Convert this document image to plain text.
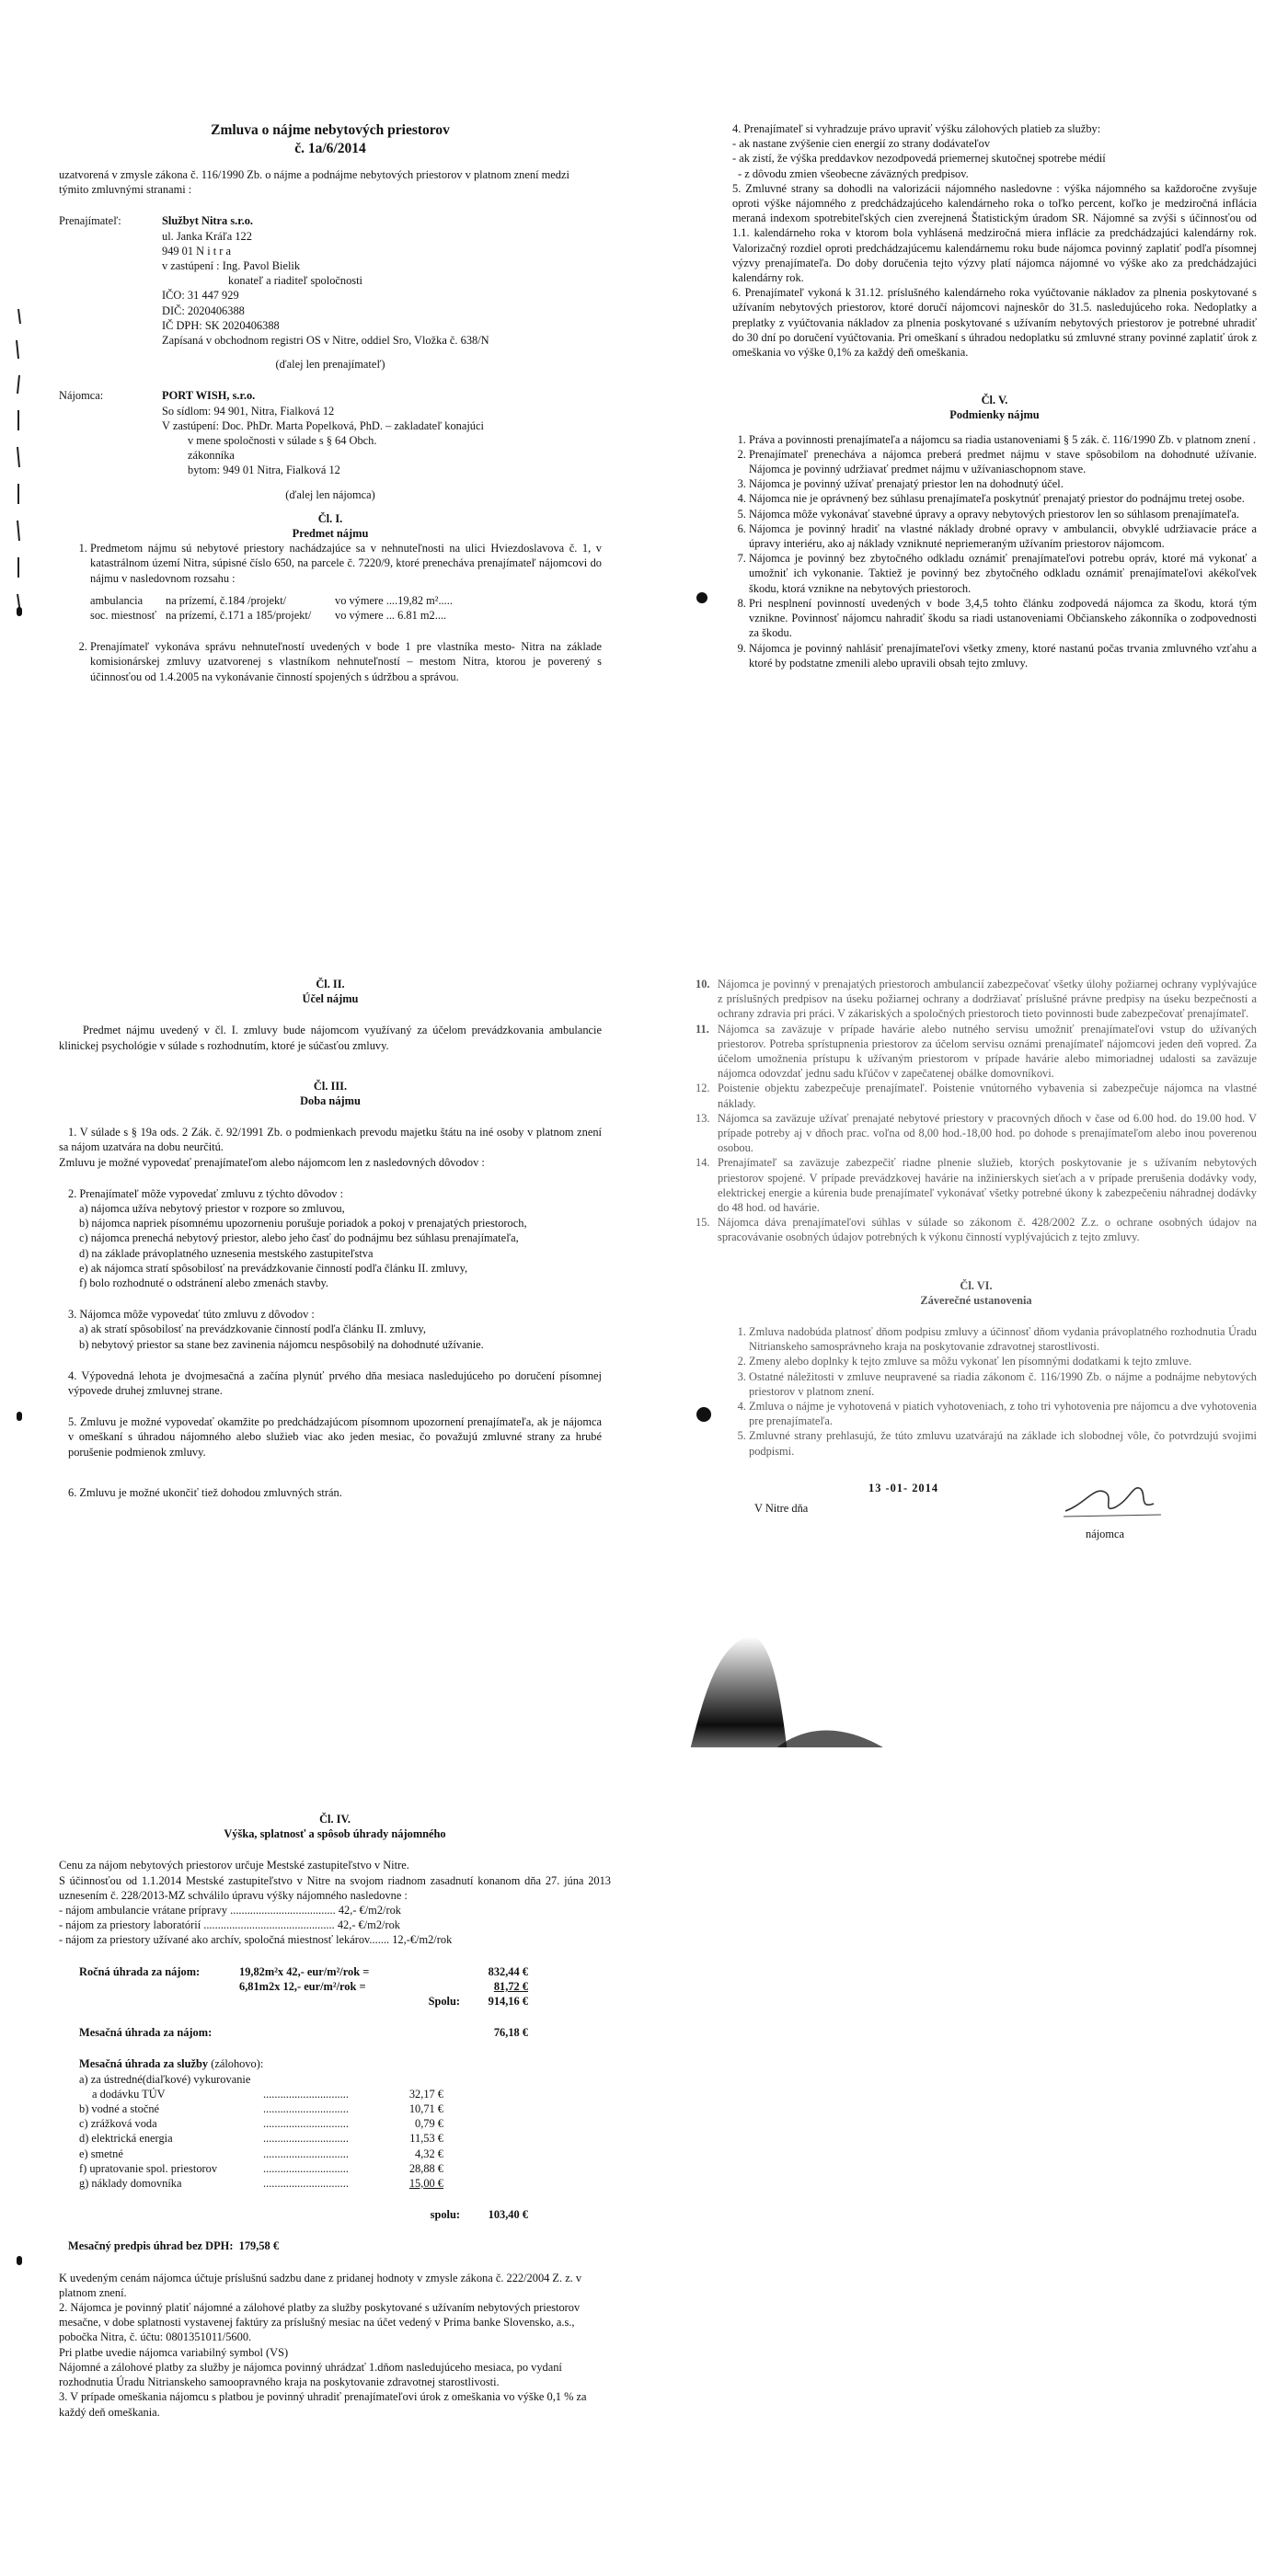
Zmluva o nájme nebytových priestorov

č. 1a/6/2014

uzatvorená v zmysle zákona č. 116/1990 Zb. o nájme a podnájme nebytových priestorov v platnom znení medzi týmito zmluvnými stranami :

Prenajímateľ:	Službyt Nitra s.r.o.

ul. Janka Kráľa 122

949 01 N i t r a

v zastúpení : Ing. Pavol Bielik

konateľ a riaditeľ spoločnosti

IČO: 31 447 929

DIČ: 2020406388

IČ DPH: SK 2020406388

Zapísaná v obchodnom registri OS v Nitre, oddiel Sro, Vložka č. 638/N

(ďalej len prenajímateľ)

Nájomca:	PORT WISH, s.r.o.

So sídlom: 94 901, Nitra, Fialková 12

V zastúpení: Doc. PhDr. Marta Popelková, PhD. – zakladateľ konajúci

v mene spoločnosti v súlade s § 64 Obch.

zákonníka

bytom: 949 01 Nitra, Fialková 12

(ďalej len nájomca)

Čl. I.

Predmet nájmu

1. Predmetom nájmu sú nebytové priestory nachádzajúce sa v nehnuteľnosti na ulici Hviezdoslavova č. 1, v katastrálnom území Nitra, súpisné číslo 650, na parcele č. 7220/9, ktoré prenecháva prenajímateľ nájomcovi do nájmu v nasledovnom rozsahu :
ambulancia	na prízemí, č.184 /projekt/	vo výmere ....19,82 m².....
soc. miestnosť na prízemí, č.171 a 185/projekt/	vo výmere ... 6.81 m2....
2. Prenajímateľ vykonáva správu nehnuteľností uvedených v bode 1 pre vlastníka mesto- Nitra na základe komisionárskej zmluvy uzatvorenej s vlastníkom nehnuteľností – mestom Nitra, ktorou je poverený s účinnosťou od 1.4.2005 na vykonávanie činností spojených s údržbou a správou.

4. Prenajímateľ si vyhradzuje právo upraviť výšku zálohových platieb za služby:

- ak nastane zvýšenie cien energií zo strany dodávateľov

- ak zistí, že výška preddavkov nezodpovedá priemernej skutočnej spotrebe médií

- z dôvodu zmien všeobecne záväzných predpisov.

5. Zmluvné strany sa dohodli na valorizácii nájomného nasledovne : výška nájomného sa každoročne zvyšuje oproti výške nájomného z predchádzajúceho kalendárneho roka o toľko percent, koľko je medziročná inflácia meraná indexom spotrebiteľských cien zverejnená Štatistickým úradom SR. Nájomné sa zvýši s účinnosťou od 1.1. kalendárneho roka v ktorom bola vyhlásená medziročná miera inflácie za predchádzajúci kalendárny rok. Valorizačný rozdiel oproti predchádzajúcemu kalendárnemu roku bude nájomca povinný zaplatiť podľa písomnej výzvy prenajímateľa. Do doby doručenia tejto výzvy platí nájomca nájomné vo výške ako za predchádzajúci kalendárny rok.

6. Prenajímateľ vykoná k 31.12. príslušného kalendárneho roka vyúčtovanie nákladov za plnenia poskytované s užívaním nebytových priestorov, ktoré doručí nájomcovi najneskôr do 31.5. nasledujúceho roka. Nedoplatky a preplatky z vyúčtovania nákladov za plnenia poskytované s užívaním nebytových priestorov je potrebné uhradiť do 30 dní po doručení vyúčtovania. Pri omeškaní s úhradou nedoplatku sú zmluvné strany povinné zaplatiť úrok z omeškania vo výške 0,1% za každý deň omeškania.

Čl. V.

Podmienky nájmu

1. Práva a povinnosti prenajímateľa a nájomcu sa riadia ustanoveniami § 5 zák. č. 116/1990 Zb. v platnom znení .
2. Prenajímateľ prenecháva a nájomca preberá predmet nájmu v stave spôsobilom na dohodnuté užívanie. Nájomca je povinný udržiavať predmet nájmu v užívaniaschopnom stave.
3. Nájomca je povinný užívať prenajatý priestor len na dohodnutý účel.
4. Nájomca nie je oprávnený bez súhlasu prenajímateľa poskytnúť prenajatý priestor do podnájmu tretej osobe.
5. Nájomca môže vykonávať stavebné úpravy a opravy nebytových priestorov len so súhlasom prenajímateľa.
6. Nájomca je povinný hradiť na vlastné náklady drobné opravy v ambulancii, obvyklé udržiavacie práce a úpravy interiéru, ako aj náklady vzniknuté nepriemeraným užívaním priestorov nájomcom.
7. Nájomca je povinný bez zbytočného odkladu oznámiť prenajímateľovi potrebu opráv, ktoré má vykonať a umožniť ich vykonanie. Taktiež je povinný bez zbytočného odkladu oznámiť prenajímateľovi akékoľvek škodu, ktorá vznikne na nebytových priestoroch.
8. Pri nesplnení povinností uvedených v bode 3,4,5 tohto článku zodpovedá nájomca za škodu, ktorá tým vznikne. Povinnosť nájomcu nahradiť škodu sa riadi ustanoveniami Občianskeho zákonníka o zodpovednosti za škodu.
9. Nájomca je povinný nahlásiť prenajímateľovi všetky zmeny, ktoré nastanú počas trvania zmluvného vzťahu a ktoré by podstatne zmenili alebo upravili obsah tejto zmluvy.

Čl. II.

Účel nájmu

Predmet nájmu uvedený v čl. I. zmluvy bude nájomcom využívaný za účelom prevádzkovania ambulancie klinickej psychológie v súlade s rozhodnutím, ktoré je súčasťou zmluvy.

Čl. III.

Doba nájmu

1. V súlade s § 19a ods. 2 Zák. č. 92/1991 Zb. o podmienkach prevodu majetku štátu na iné osoby v platnom znení sa nájom uzatvára na dobu neurčitú.

Zmluvu je možné vypovedať prenajímateľom alebo nájomcom len z nasledovných dôvodov :

2. Prenajímateľ môže vypovedať zmluvu z týchto dôvodov :

a) nájomca užíva nebytový priestor v rozpore so zmluvou,

b) nájomca napriek písomnému upozorneniu porušuje poriadok a pokoj v prenajatých priestoroch,

c) nájomca prenechá nebytový priestor, alebo jeho časť do podnájmu bez súhlasu prenajímateľa,

d) na základe právoplatného uznesenia mestského zastupiteľstva

e) ak nájomca stratí spôsobilosť na prevádzkovanie činností podľa článku II. zmluvy,

f) bolo rozhodnuté o odstránení alebo zmenách stavby.

3. Nájomca môže vypovedať túto zmluvu z dôvodov :

a) ak stratí spôsobilosť na prevádzkovanie činností podľa článku II. zmluvy,

b) nebytový priestor sa stane bez zavinenia nájomcu nespôsobilý na dohodnuté užívanie.

4. Výpovedná lehota je dvojmesačná a začína plynúť prvého dňa mesiaca nasledujúceho po doručení písomnej výpovede druhej zmluvnej strane.

5. Zmluvu je možné vypovedať okamžite po predchádzajúcom písomnom upozornení prenajímateľa, ak je nájomca v omeškaní s úhradou nájomného alebo služieb viac ako jeden mesiac, čo považujú zmluvné strany za hrubé porušenie podmienok zmluvy.

6. Zmluvu je možné ukončiť tiež dohodou zmluvných strán.

10. Nájomca je povinný v prenajatých priestoroch ambulancií zabezpečovať všetky úlohy požiarnej ochrany vyplývajúce z príslušných predpisov na úseku požiarnej ochrany a dodržiavať príslušné právne predpisy na úseku bezpečnosti a ochrany zdravia pri práci. V zákariských a spoločných priestoroch tieto povinnosti bude zabezpečovať prenajímateľ.
11. Nájomca sa zaväzuje v prípade havárie alebo nutného servisu umožniť prenajímateľovi vstup do užívaných priestorov. Potreba sprístupnenia priestorov za účelom servisu oznámi prenajímateľ nájomcovi jeden deň vopred. Za účelom umožnenia prístupu k užívaným priestorom v prípade havárie alebo mimoriadnej udalosti sa zaväzuje nájomca odovzdať jednu sadu kľúčov v zapečatenej obálke domovníkovi.
12. Poistenie objektu zabezpečuje prenajímateľ. Poistenie vnútorného vybavenia si zabezpečuje nájomca na vlastné náklady.
13. Nájomca sa zaväzuje užívať prenajaté nebytové priestory v pracovných dňoch v čase od 6.00 hod. do 19.00 hod. V prípade potreby aj v dňoch prac. voľna od 8,00 hod.-18,00 hod. po dohode s prenajímateľom alebo inou poverenou osobou.
14. Prenajímateľ sa zaväzuje zabezpečiť riadne plnenie služieb, ktorých poskytovanie je s užívaním nebytových priestorov spojené. V prípade prevádzkovej havárie na inžinierskych sieťach a v prípade prerušenia dodávky vody, elektrickej energie a kúrenia bude prenajímateľ vykonávať všetky potrebné úkony k zabezpečeniu náhradnej dodávky do 48 hod. od havárie.
15. Nájomca dáva prenajímateľovi súhlas v súlade so zákonom č. 428/2002 Z.z. o ochrane osobných údajov na spracovávanie osobných údajov potrebných k výkonu činností vyplývajúcich z tejto zmluvy.

Čl. VI.

Záverečné ustanovenia

1. Zmluva nadobúda platnosť dňom podpisu zmluvy a účinnosť dňom vydania právoplatného rozhodnutia Úradu Nitrianskeho samosprávneho kraja na poskytovanie zdravotnej starostlivosti.
2. Zmeny alebo doplnky k tejto zmluve sa môžu vykonať len písomnými dodatkami k tejto zmluve.
3. Ostatné náležitosti v zmluve neupravené sa riadia zákonom č. 116/1990 Zb. o nájme a podnájme nebytových priestorov v platnom znení.
4. Zmluva o nájme je vyhotovená v piatich vyhotoveniach, z toho tri vyhotovenia pre nájomcu a dve vyhotovenia pre prenajímateľa.
5. Zmluvné strany prehlasujú, že túto zmluvu uzatvárajú na základe ich slobodnej vôle, čo potvrdzujú svojimi podpismi.
V Nitre dňa
13 -01- 2014
nájomca

Čl. IV.

Výška, splatnosť a spôsob úhrady nájomného

Cenu za nájom nebytových priestorov určuje Mestské zastupiteľstvo v Nitre.

S účinnosťou od 1.1.2014 Mestské zastupiteľstvo v Nitre na svojom riadnom zasadnutí konanom dňa 27. júna 2013 uznesením č. 228/2013-MZ schválilo úpravu výšky nájomného nasledovne :

- nájom ambulancie vrátane prípravy ..................................... 42,- €/m2/rok

- nájom za priestory laboratórií .............................................. 42,- €/m2/rok

- nájom za priestory užívané ako archív, spoločná miestnosť lekárov....... 12,-€/m2/rok

Ročná úhrada za nájom:	19,82m²x 42,- eur/m²/rok =	832,44 €
6,81m2x 12,- eur/m²/rok =	81,72 €
Spolu:	914,16 €
Mesačná úhrada za nájom:	76,18 €

Mesačná úhrada za služby (zálohovo):

a) za ústredné(diaľkové) vykurovanie
a dodávku TÚV	..............................	32,17 €
b) vodné a stočné	..............................	10,71 €
c) zrážková voda	..............................	0,79 €
d) elektrická energia	..............................	11,53 €
e) smetné	..............................	4,32 €
f) upratovanie spol. priestorov	..............................	28,88 €
g) náklady domovníka	..............................	15,00 €
spolu:	103,40 €

Mesačný predpis úhrad bez DPH: 179,58 €

K uvedeným cenám nájomca účtuje príslušnú sadzbu dane z pridanej hodnoty v zmysle zákona č. 222/2004 Z. z. v platnom znení.

2. Nájomca je povinný platiť nájomné a zálohové platby za služby poskytované s užívaním nebytových priestorov mesačne, v dobe splatnosti vystavenej faktúry za príslušný mesiac na účet vedený v Prima banke Slovensko, a.s., pobočka Nitra, č. účtu: 0801351011/5600.

Pri platbe uvedie nájomca variabilný symbol (VS)

Nájomné a zálohové platby za služby je nájomca povinný uhrádzať 1.dňom nasledujúceho mesiaca, po vydaní rozhodnutia Úradu Nitrianskeho samoopravného kraja na poskytovanie zdravotnej starostlivosti.

3. V prípade omeškania nájomcu s platbou je povinný uhradiť prenajímateľovi úrok z omeškania vo výške 0,1 % za každý deň omeškania.
